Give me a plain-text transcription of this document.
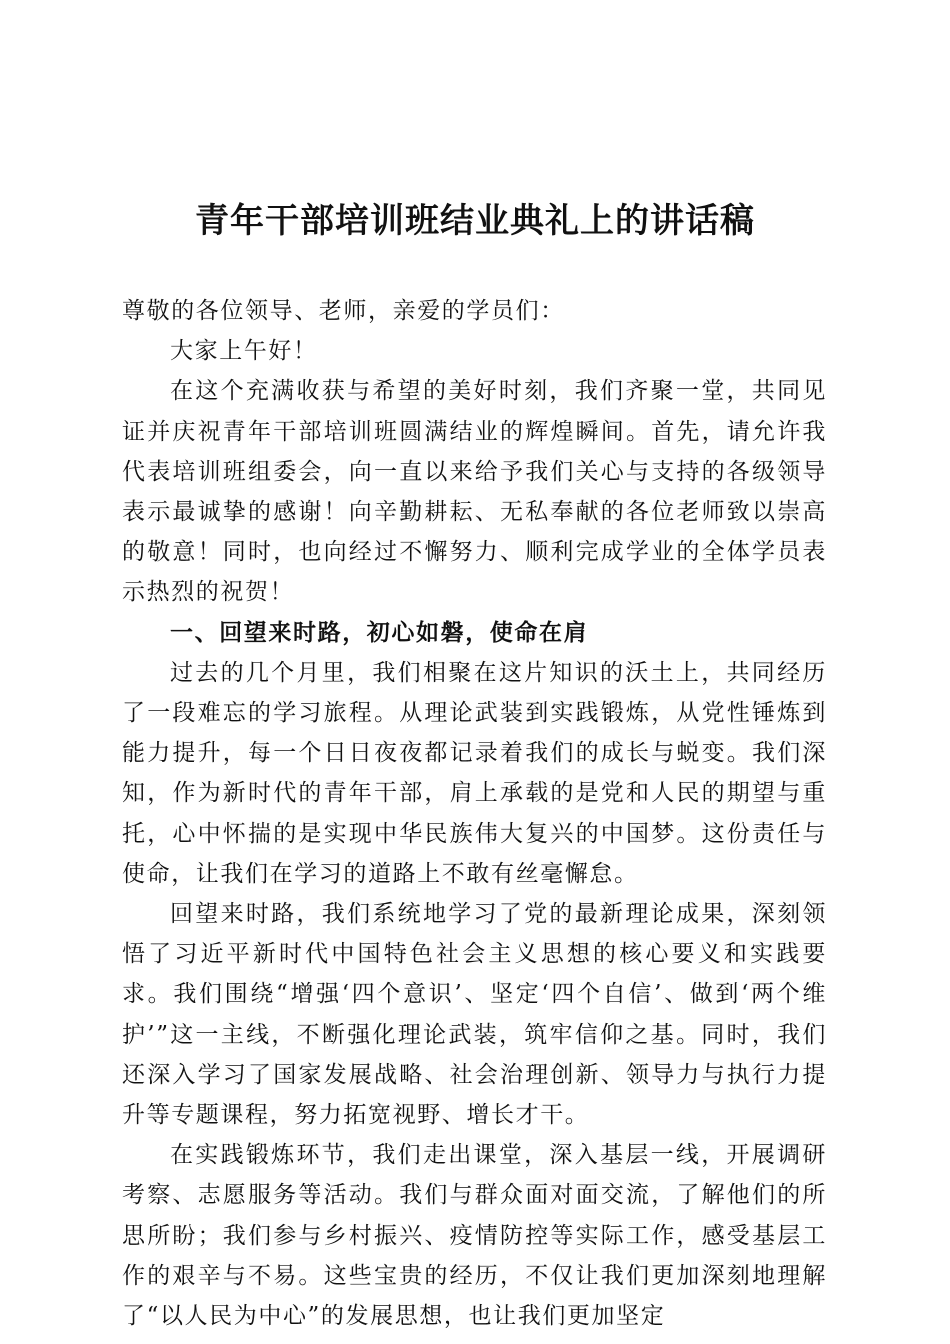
青年干部培训班结业典礼上的讲话稿

尊敬的各位领导、老师，亲爱的学员们：

大家上午好！

在这个充满收获与希望的美好时刻，我们齐聚一堂，共同见证并庆祝青年干部培训班圆满结业的辉煌瞬间。首先，请允许我代表培训班组委会，向一直以来给予我们关心与支持的各级领导表示最诚挚的感谢！向辛勤耕耘、无私奉献的各位老师致以崇高的敬意！同时，也向经过不懈努力、顺利完成学业的全体学员表示热烈的祝贺！

一、回望来时路，初心如磐，使命在肩

过去的几个月里，我们相聚在这片知识的沃土上，共同经历了一段难忘的学习旅程。从理论武装到实践锻炼，从党性锤炼到能力提升，每一个日日夜夜都记录着我们的成长与蜕变。我们深知，作为新时代的青年干部，肩上承载的是党和人民的期望与重托，心中怀揣的是实现中华民族伟大复兴的中国梦。这份责任与使命，让我们在学习的道路上不敢有丝毫懈怠。

回望来时路，我们系统地学习了党的最新理论成果，深刻领悟了习近平新时代中国特色社会主义思想的核心要义和实践要求。我们围绕“增强‘四个意识’、坚定‘四个自信’、做到‘两个维护’”这一主线，不断强化理论武装，筑牢信仰之基。同时，我们还深入学习了国家发展战略、社会治理创新、领导力与执行力提升等专题课程，努力拓宽视野、增长才干。

在实践锻炼环节，我们走出课堂，深入基层一线，开展调研考察、志愿服务等活动。我们与群众面对面交流，了解他们的所思所盼；我们参与乡村振兴、疫情防控等实际工作，感受基层工作的艰辛与不易。这些宝贵的经历，不仅让我们更加深刻地理解了“以人民为中心”的发展思想，也让我们更加坚定
